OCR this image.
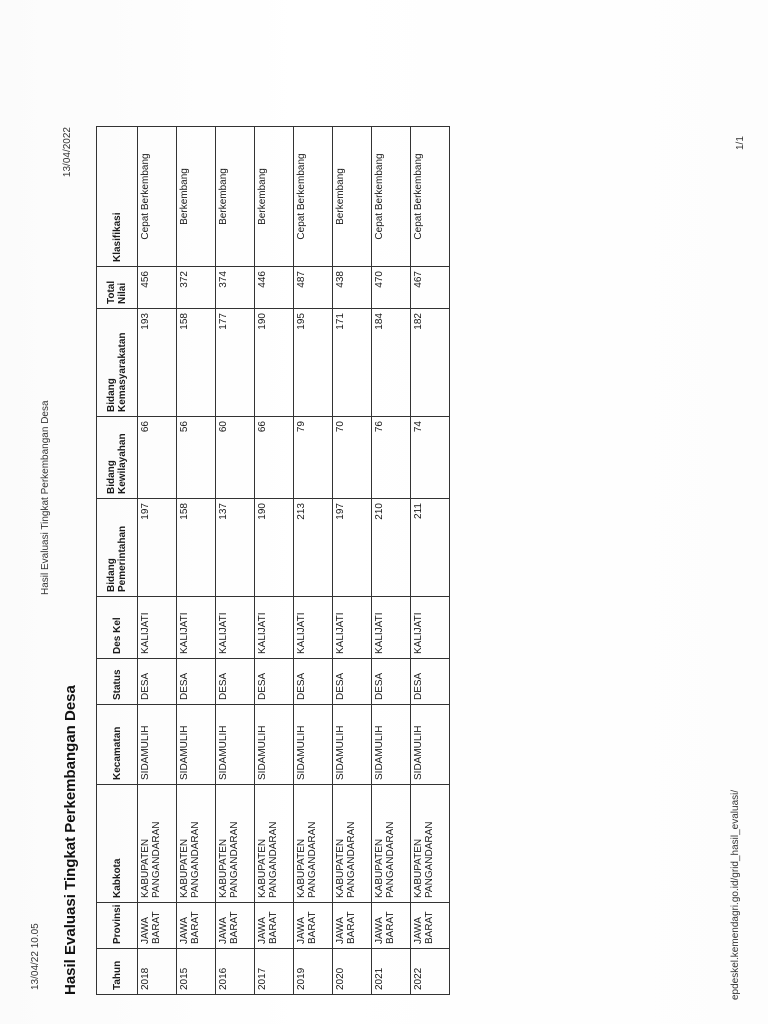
13/04/22 10.05
Hasil Evaluasi Tingkat Perkembangan Desa
epdeskel.kemendagri.go.id/grid_hasil_evaluasi/
1/1
Hasil Evaluasi Tingkat Perkembangan Desa
13/04/2022
Tahun	Provinsi	Kabkota	Kecamatan	Status	Des Kel	Bidang Pemerintahan	Bidang Kewilayahan	Bidang Kemasyarakatan	Total Nilai	Klasifikasi
2018	JAWA BARAT	KABUPATEN PANGANDARAN	SIDAMULIH	DESA	KALIJATI	197	66	193	456	Cepat Berkembang
2015	JAWA BARAT	KABUPATEN PANGANDARAN	SIDAMULIH	DESA	KALIJATI	158	56	158	372	Berkembang
2016	JAWA BARAT	KABUPATEN PANGANDARAN	SIDAMULIH	DESA	KALIJATI	137	60	177	374	Berkembang
2017	JAWA BARAT	KABUPATEN PANGANDARAN	SIDAMULIH	DESA	KALIJATI	190	66	190	446	Berkembang
2019	JAWA BARAT	KABUPATEN PANGANDARAN	SIDAMULIH	DESA	KALIJATI	213	79	195	487	Cepat Berkembang
2020	JAWA BARAT	KABUPATEN PANGANDARAN	SIDAMULIH	DESA	KALIJATI	197	70	171	438	Berkembang
2021	JAWA BARAT	KABUPATEN PANGANDARAN	SIDAMULIH	DESA	KALIJATI	210	76	184	470	Cepat Berkembang
2022	JAWA BARAT	KABUPATEN PANGANDARAN	SIDAMULIH	DESA	KALIJATI	211	74	182	467	Cepat Berkembang
